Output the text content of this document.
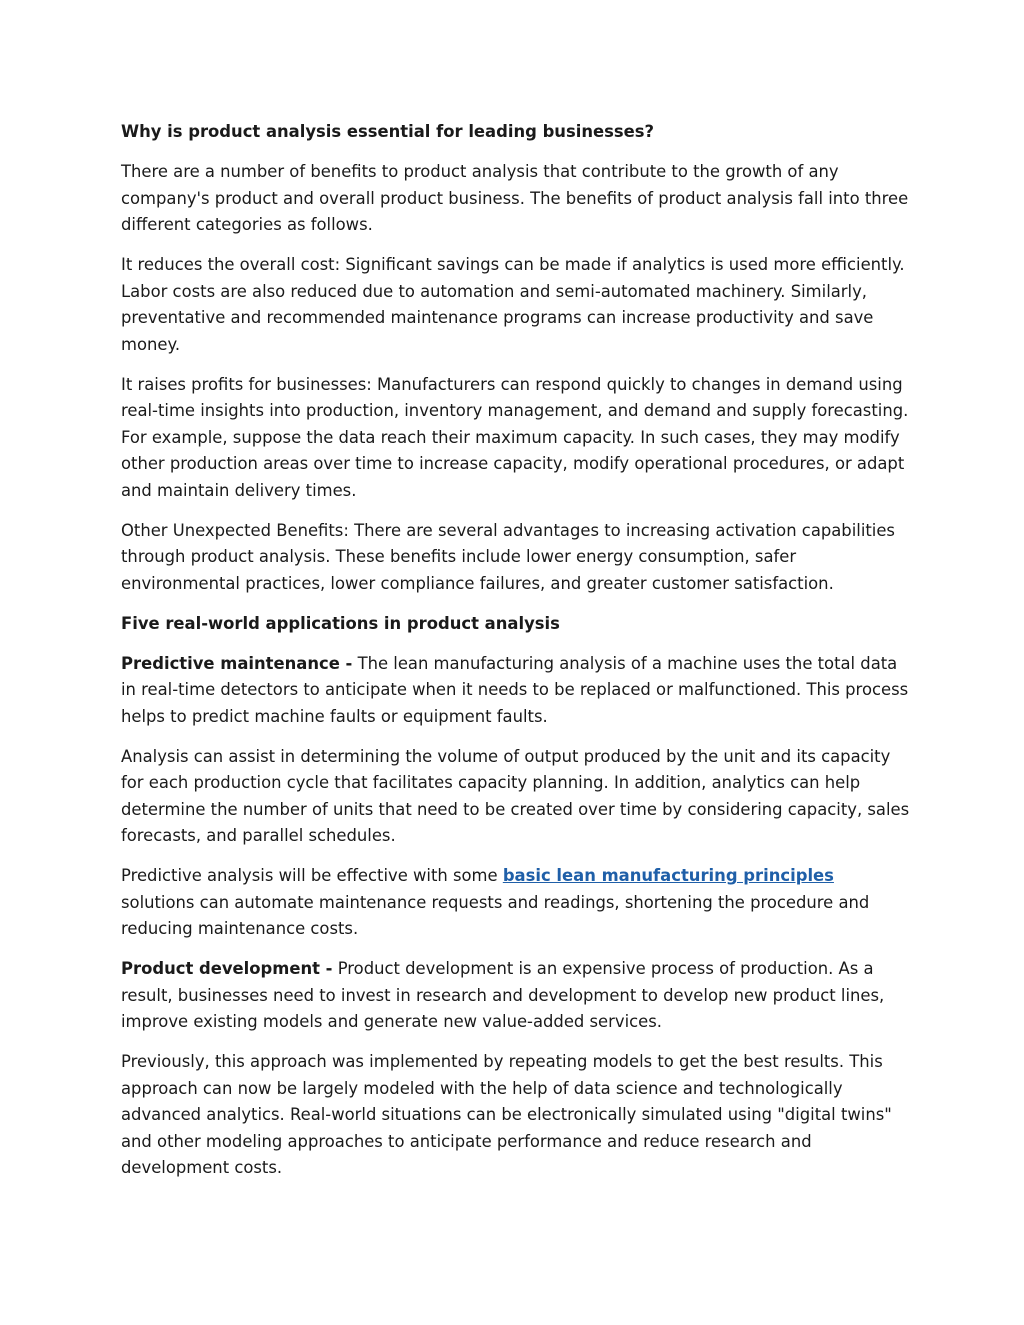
Why is product analysis essential for leading businesses?

There are a number of benefits to product analysis that contribute to the growth of any company's product and overall product business. The benefits of product analysis fall into three different categories as follows.

It reduces the overall cost: Significant savings can be made if analytics is used more efficiently. Labor costs are also reduced due to automation and semi-automated machinery. Similarly, preventative and recommended maintenance programs can increase productivity and save money.

It raises profits for businesses: Manufacturers can respond quickly to changes in demand using real-time insights into production, inventory management, and demand and supply forecasting. For example, suppose the data reach their maximum capacity. In such cases, they may modify other production areas over time to increase capacity, modify operational procedures, or adapt and maintain delivery times.

Other Unexpected Benefits: There are several advantages to increasing activation capabilities through product analysis. These benefits include lower energy consumption, safer environmental practices, lower compliance failures, and greater customer satisfaction.

Five real-world applications in product analysis

Predictive maintenance - The lean manufacturing analysis of a machine uses the total data in real-time detectors to anticipate when it needs to be replaced or malfunctioned. This process helps to predict machine faults or equipment faults.

Analysis can assist in determining the volume of output produced by the unit and its capacity for each production cycle that facilitates capacity planning. In addition, analytics can help determine the number of units that need to be created over time by considering capacity, sales forecasts, and parallel schedules.

Predictive analysis will be effective with some basic lean manufacturing principles solutions can automate maintenance requests and readings, shortening the procedure and reducing maintenance costs.

Product development - Product development is an expensive process of production. As a result, businesses need to invest in research and development to develop new product lines, improve existing models and generate new value-added services.

Previously, this approach was implemented by repeating models to get the best results. This approach can now be largely modeled with the help of data science and technologically advanced analytics. Real-world situations can be electronically simulated using "digital twins" and other modeling approaches to anticipate performance and reduce research and development costs.
